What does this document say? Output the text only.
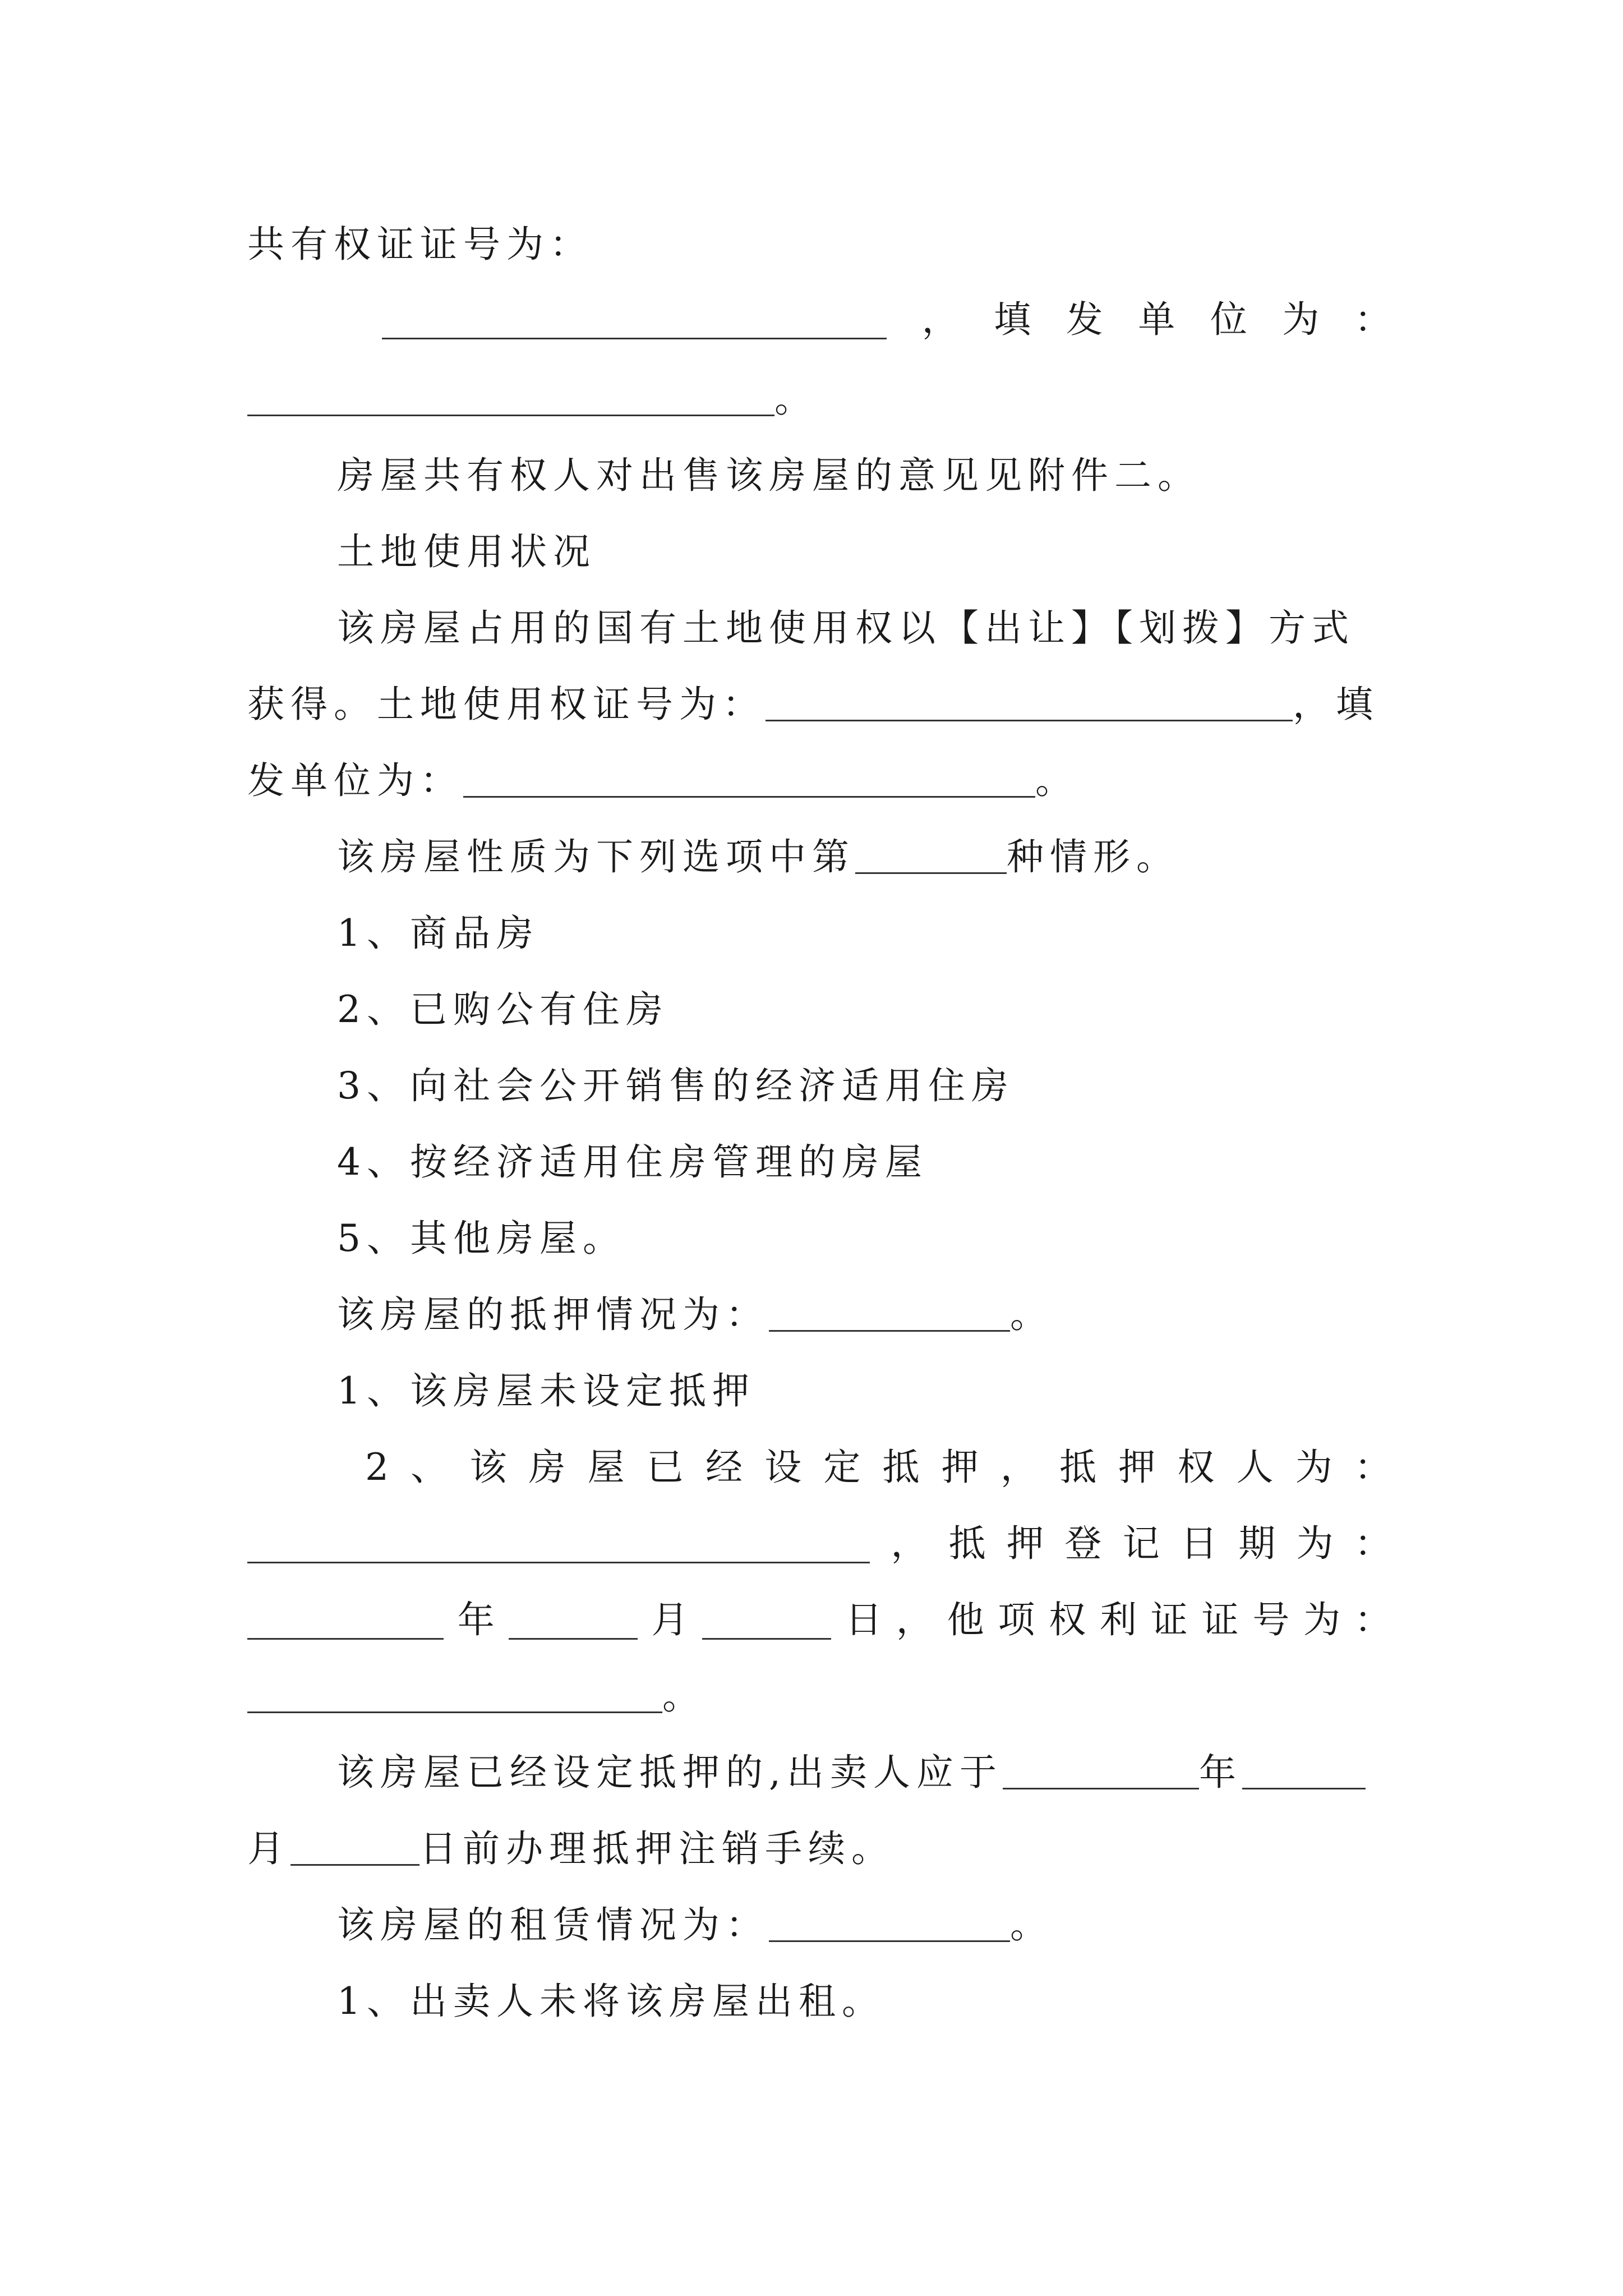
共有权证证号为：
， 填 发 单 位 为 ：
。
房屋共有权人对出售该房屋的意见见附件二。
土地使用状况
该房屋占用的国有土地使用权以【出让】【划拨】方式
获得。土地使用权证号为：	，填
发单位为：	。
该房屋性质为下列选项中第	种情形。
1、商品房
2、已购公有住房
3、向社会公开销售的经济适用住房
4、按经济适用住房管理的房屋
5、其他房屋。
该房屋的抵押情况为：	。
1、该房屋未设定抵押
2 、 该 房 屋 已 经 设 定 抵 押 ， 抵 押 权 人 为 ：
， 抵 押 登 记 日 期 为 ：
年	月	日 ， 他 项 权 利 证 证 号 为 ：
。
该房屋已经设定抵押的,出卖人应于	年
月	日前办理抵押注销手续。
该房屋的租赁情况为：	。
1、出卖人未将该房屋出租。
